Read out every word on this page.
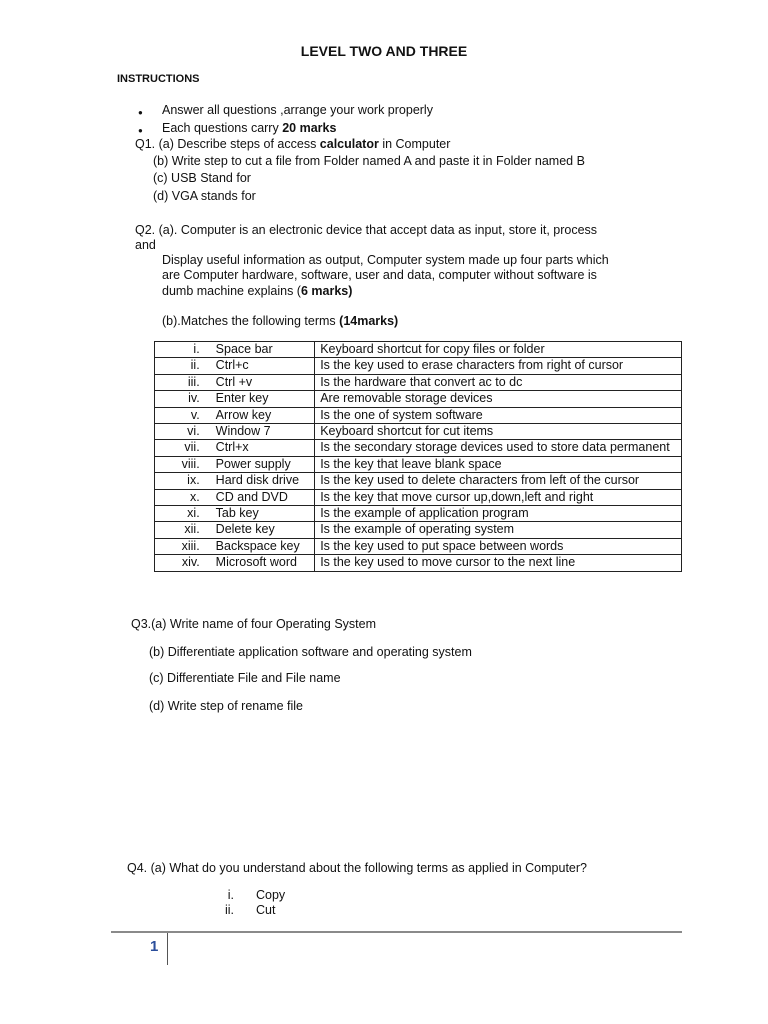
LEVEL TWO AND THREE
INSTRUCTIONS
● Answer all questions ,arrange your work properly
● Each questions carry 20 marks
Q1. (a) Describe steps of access calculator in Computer
(b) Write step to cut a file from Folder named A and paste it in Folder named B
(c) USB Stand for
(d) VGA stands for
Q2. (a). Computer is an electronic device that accept data as input, store it, process
and
Display useful information as output, Computer system made up four parts which
are Computer hardware, software, user and data, computer without software is
dumb machine explains (6 marks)
(b).Matches the following terms (14marks)
i.	Space bar	Keyboard shortcut for copy files or folder
ii.	Ctrl+c	Is the key used to erase characters from right of cursor
iii.	Ctrl +v	Is the hardware that convert ac to dc
iv.	Enter key	Are removable storage devices
v.	Arrow key	Is the one of system software
vi.	Window 7	Keyboard shortcut for cut items
vii.	Ctrl+x	Is the secondary storage devices used to store data permanent
viii.	Power supply	Is the key that leave blank space
ix.	Hard disk drive	Is the key used to delete characters from left of the cursor
x.	CD and DVD	Is the key that move cursor up,down,left and right
xi.	Tab key	Is the example of application program
xii.	Delete key	Is the example of operating system
xiii.	Backspace key	Is the key used to put space between words
xiv.	Microsoft word	Is the key used to move cursor to the next line
Q3.(a) Write name of four Operating System
(b) Differentiate application software and operating system
(c) Differentiate File and File name
(d) Write step of rename file
Q4. (a) What do you understand about the following terms as applied in Computer?
i. Copy
ii. Cut
1
